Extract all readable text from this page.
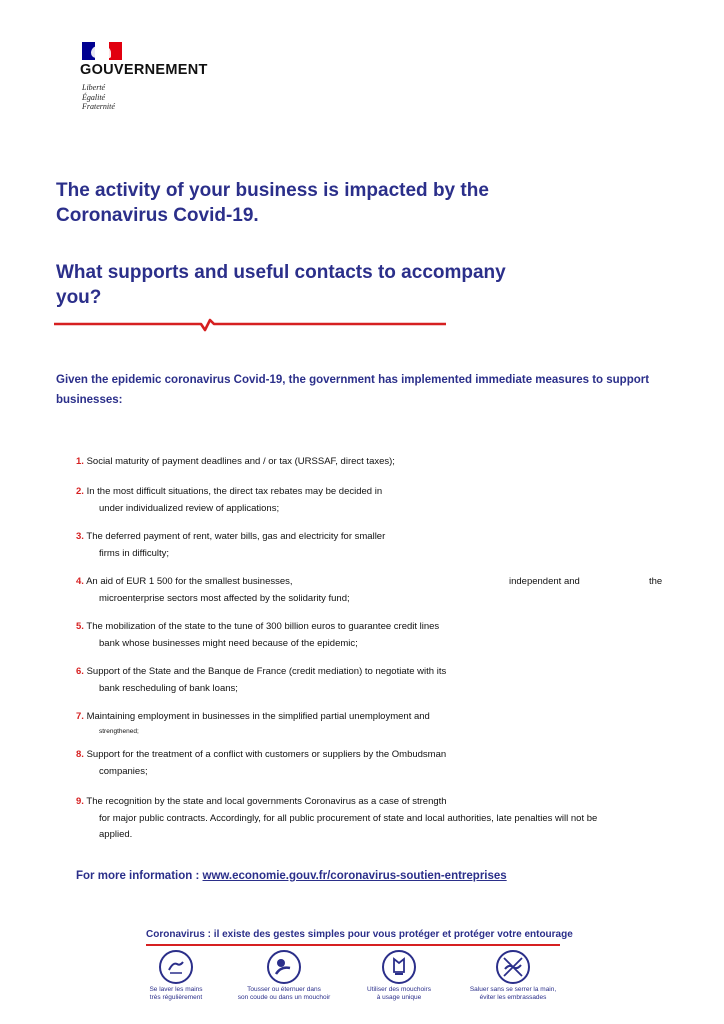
GOUVERNEMENT
Liberté
Égalité
Fraternité
The activity of your business is impacted by the
Coronavirus Covid-19.
What supports and useful contacts to accompany
you?
Given the epidemic coronavirus Covid-19, the government has implemented immediate measures to support
businesses:
1. Social maturity of payment deadlines and / or tax (URSSAF, direct taxes);
2. In the most difficult situations, the direct tax rebates may be decided in
under individualized review of applications;
3. The deferred payment of rent, water bills, gas and electricity for smaller
firms in difficulty;
4. An aid of EUR 1 500 for the smallest businesses,
microenterprise sectors most affected by the solidarity fund;
independent and	the
5. The mobilization of the state to the tune of 300 billion euros to guarantee credit lines
bank whose businesses might need because of the epidemic;
6. Support of the State and the Banque de France (credit mediation) to negotiate with its
bank rescheduling of bank loans;
7. Maintaining employment in businesses in the simplified partial unemployment and
strengthened;
8. Support for the treatment of a conflict with customers or suppliers by the Ombudsman
companies;
9. The recognition by the state and local governments Coronavirus as a case of strength
for major public contracts. Accordingly, for all public procurement of state and local authorities, late penalties will not be
applied.
For more information : www.economie.gouv.fr/coronavirus-soutien-entreprises
Coronavirus : il existe des gestes simples pour vous protéger et protéger votre entourage
Se laver les mains
très régulièrement
Tousser ou éternuer dans
son coude ou dans un mouchoir
Utiliser des mouchoirs
à usage unique
Saluer sans se serrer la main,
éviter les embrassades
